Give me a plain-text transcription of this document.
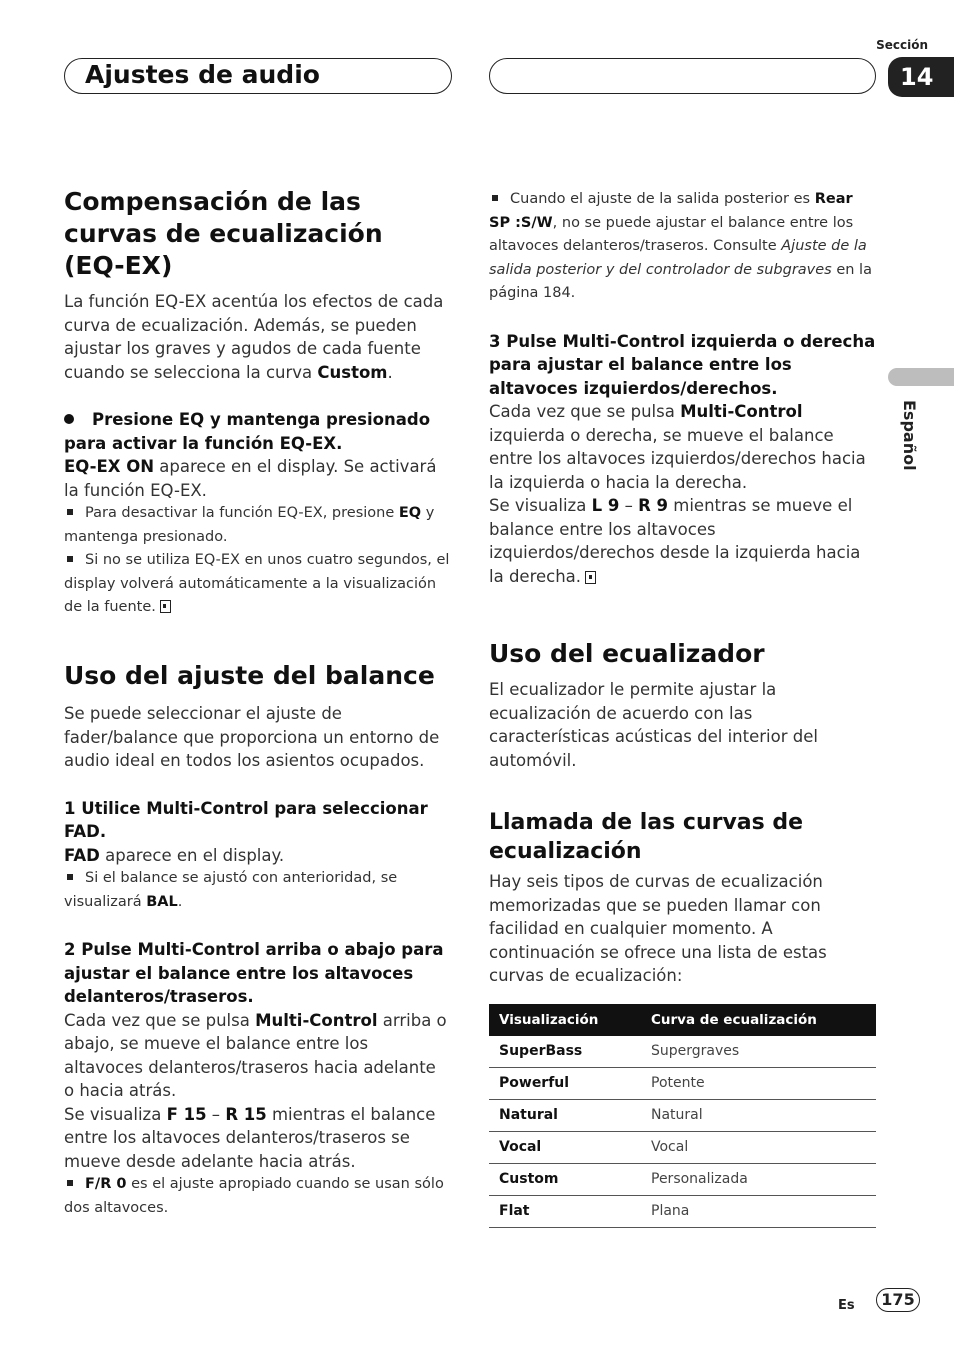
Ajustes de audio
Sección
14
Español
Compensación de las curvas de ecualización (EQ-EX)

La función EQ-EX acentúa los efectos de cada curva de ecualización. Además, se pueden ajustar los graves y agudos de cada fuente cuando se selecciona la curva Custom.

Presione EQ y mantenga presionado para activar la función EQ-EX.

EQ-EX ON aparece en el display. Se activará la función EQ-EX.

Para desactivar la función EQ-EX, presione EQ y mantenga presionado.

Si no se utiliza EQ-EX en unos cuatro segundos, el display volverá automáticamente a la visualización de la fuente.

Uso del ajuste del balance

Se puede seleccionar el ajuste de fader/balance que proporciona un entorno de audio ideal en todos los asientos ocupados.

1 Utilice Multi-Control para seleccionar FAD.

FAD aparece en el display.

Si el balance se ajustó con anterioridad, se visualizará BAL.

2 Pulse Multi-Control arriba o abajo para ajustar el balance entre los altavoces delanteros/traseros.

Cada vez que se pulsa Multi-Control arriba o abajo, se mueve el balance entre los altavoces delanteros/traseros hacia adelante o hacia atrás.

Se visualiza F 15 – R 15 mientras el balance entre los altavoces delanteros/traseros se mueve desde adelante hacia atrás.

F/R 0 es el ajuste apropiado cuando se usan sólo dos altavoces.

Cuando el ajuste de la salida posterior es Rear SP :S/W, no se puede ajustar el balance entre los altavoces delanteros/traseros. Consulte Ajuste de la salida posterior y del controlador de subgraves en la página 184.

3 Pulse Multi-Control izquierda o derecha para ajustar el balance entre los altavoces izquierdos/derechos.

Cada vez que se pulsa Multi-Control izquierda o derecha, se mueve el balance entre los altavoces izquierdos/derechos hacia la izquierda o hacia la derecha.

Se visualiza L 9 – R 9 mientras se mueve el balance entre los altavoces izquierdos/derechos desde la izquierda hacia la derecha.

Uso del ecualizador

El ecualizador le permite ajustar la ecualización de acuerdo con las características acústicas del interior del automóvil.

Llamada de las curvas de ecualización

Hay seis tipos de curvas de ecualización memorizadas que se pueden llamar con facilidad en cualquier momento. A continuación se ofrece una lista de estas curvas de ecualización:

Visualización	Curva de ecualización
SuperBass	Supergraves
Powerful	Potente
Natural	Natural
Vocal	Vocal
Custom	Personalizada
Flat	Plana
Es	175
